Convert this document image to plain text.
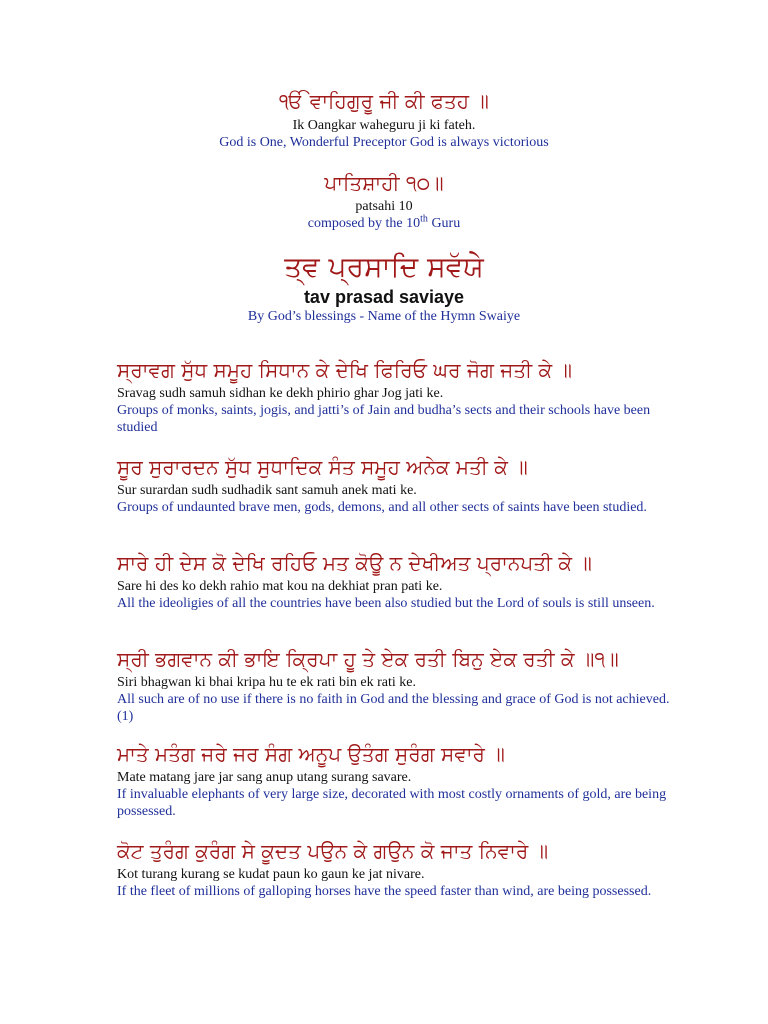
ੴ ਵਾਹਿਗੁਰੂ ਜੀ ਕੀ ਫਤਹ ॥
Ik Oangkar waheguru ji ki fateh.
God is One, Wonderful Preceptor God is always victorious
ਪਾਤਿਸ਼ਾਹੀ ੧੦॥
patsahi 10
composed by the 10th Guru
ਤ੍ਵ ਪ੍ਰਸਾਦਿ ਸਵੱਯੇ
tav prasad saviaye
By God’s blessings - Name of the Hymn Swaiye
ਸ੍ਰਾਵਗ ਸੁੱਧ ਸਮੂਹ ਸਿਧਾਨ ਕੇ ਦੇਖਿ ਫਿਰਿਓ ਘਰ ਜੋਗ ਜਤੀ ਕੇ ॥
Sravag sudh samuh sidhan ke dekh phirio ghar Jog jati ke.
Groups of monks, saints, jogis, and jatti’s of Jain and budha’s sects and their schools have been studied
ਸੂਰ ਸੁਰਾਰਦਨ ਸੁੱਧ ਸੁਧਾਦਿਕ ਸੰਤ ਸਮੂਹ ਅਨੇਕ ਮਤੀ ਕੇ ॥
Sur surardan sudh sudhadik sant samuh anek mati ke.
Groups of undaunted brave men, gods, demons, and all other sects of saints have been studied.
ਸਾਰੇ ਹੀ ਦੇਸ ਕੋ ਦੇਖਿ ਰਹਿਓ ਮਤ ਕੋਊ ਨ ਦੇਖੀਅਤ ਪ੍ਰਾਨਪਤੀ ਕੇ ॥
Sare hi des ko dekh rahio mat kou na dekhiat pran pati ke.
All the ideoligies of all the countries have been also studied but the Lord of souls is still unseen.
ਸ੍ਰੀ ਭਗਵਾਨ ਕੀ ਭਾਇ ਕ੍ਰਿਪਾ ਹੂ ਤੇ ਏਕ ਰਤੀ ਬਿਨੁ ਏਕ ਰਤੀ ਕੇ ॥੧॥
Siri bhagwan ki bhai kripa hu te ek rati bin ek rati ke.
All such are of no use if there is no faith in God and the blessing and grace of God is not achieved. (1)
ਮਾਤੇ ਮਤੰਗ ਜਰੇ ਜਰ ਸੰਗ ਅਨੂਪ ਉਤੰਗ ਸੁਰੰਗ ਸਵਾਰੇ ॥
Mate matang jare jar sang anup utang surang savare.
If invaluable elephants of very large size, decorated with most costly ornaments of gold, are being possessed.
ਕੋਟ ਤੁਰੰਗ ਕੁਰੰਗ ਸੇ ਕੂਦਤ ਪਉਨ ਕੇ ਗਉਨ ਕੋ ਜਾਤ ਨਿਵਾਰੇ ॥
Kot turang kurang se kudat paun ko gaun ke jat nivare.
If the fleet of millions of galloping horses have the speed faster than wind, are being possessed.
